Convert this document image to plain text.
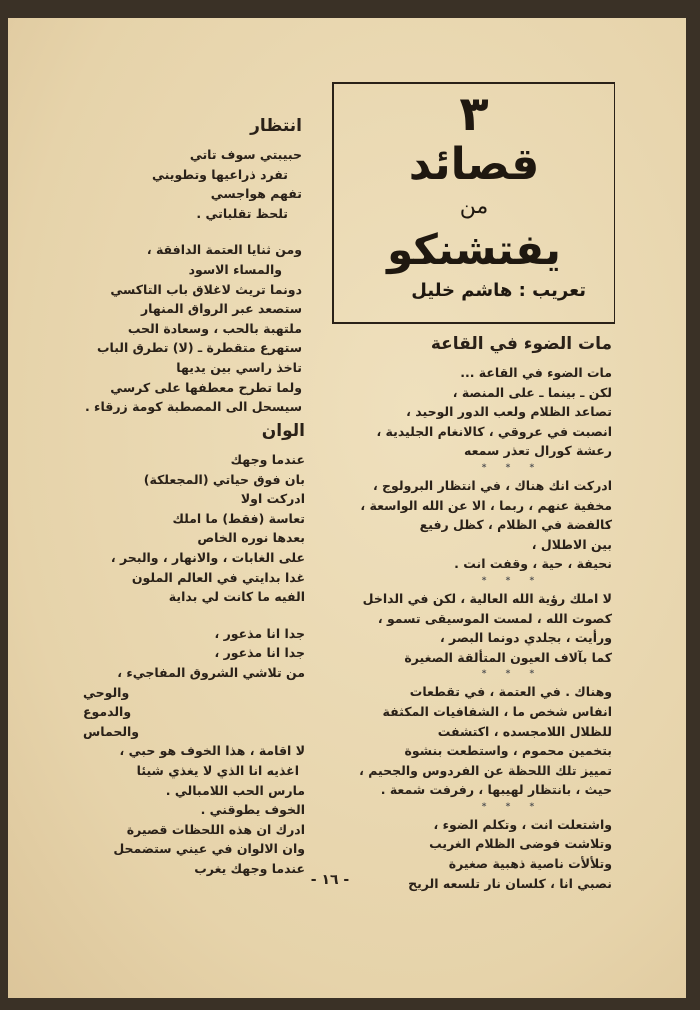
٣
قصائد
من
يفتشنكو
تعريب : هاشم خليل
مات الضوء في القاعة
مات الضوء في القاعة ...
لكن ـ بينما ـ على المنصة ،
تصاعد الظلام ولعب الدور الوحيد ،
انصبت في عروقي ، كالانغام الجليدية ،
رعشة كورال تعذر سمعه
* * *
ادركت انك هناك ، في انتظار البرولوج ،
مخفية عنهم ، ربما ، الا عن الله الواسعة ،
كالفضة في الظلام ، كظل رفيع
بين الاطلال ،
نحيفة ، حية ، وقفت انت .
* * *
لا املك رؤية الله العالية ، لكن في الداخل
كصوت الله ، لمست الموسيقى تسمو ،
ورأيت ، بجلدي دونما البصر ،
كما بآلاف العيون المتألقة الصغيرة
* * *
وهناك . في العتمة ، في تقطعات
انفاس شخص ما ، الشفافيات المكثفة
للظلال اللامجسده ، اكتشفت
بتخمين محموم ، واستطعت بنشوة
تمييز تلك اللحظة عن الفردوس والجحيم ،
حيث ، بانتظار لهيبها ، رفرفت شمعة .
* * *
واشتعلت انت ، وتكلم الضوء ،
وتلاشت فوضى الظلام الغريب
وتلألأت ناصية ذهبية صغيرة
نصبي انا ، كلسان نار تلسعه الريح
انتظار
حبيبتي سوف تاتي
تفرد ذراعيها وتطويني
تفهم هواجسي
تلحظ تقلباتي .
ومن ثنايا العتمة الدافقة ،
والمساء الاسود
دونما تريث لاغلاق باب التاكسي
ستصعد عبر الرواق المنهار
ملتهبة بالحب ، وسعادة الحب
ستهرع متقطرة ـ (لا) تطرق الباب
تاخذ راسي بين يديها
ولما تطرح معطفها على كرسي
سيسحل الى المصطبة كومة زرقاء .
الوان
عندما وجهك
بان فوق حياتي (المجعلكة)
ادركت اولا
تعاسة (فقط) ما املك
بعدها نوره الخاص
على الغابات ، والانهار ، والبحر ،
غدا بدايتي في العالم الملون
الفيه ما كانت لي بداية
جدا انا مذعور ،
جدا انا مذعور ،
من تلاشي الشروق المفاجيء ،
والوحي
والدموع
والحماس
لا اقامة ، هذا الخوف هو حبي ،
اغذيه انا الذي لا يغذي شيئا
مارس الحب اللامبالي .
الخوف يطوقني .
ادرك ان هذه اللحظات قصيرة
وان الالوان في عيني ستضمحل
عندما وجهك يغرب
- ١٦ -
